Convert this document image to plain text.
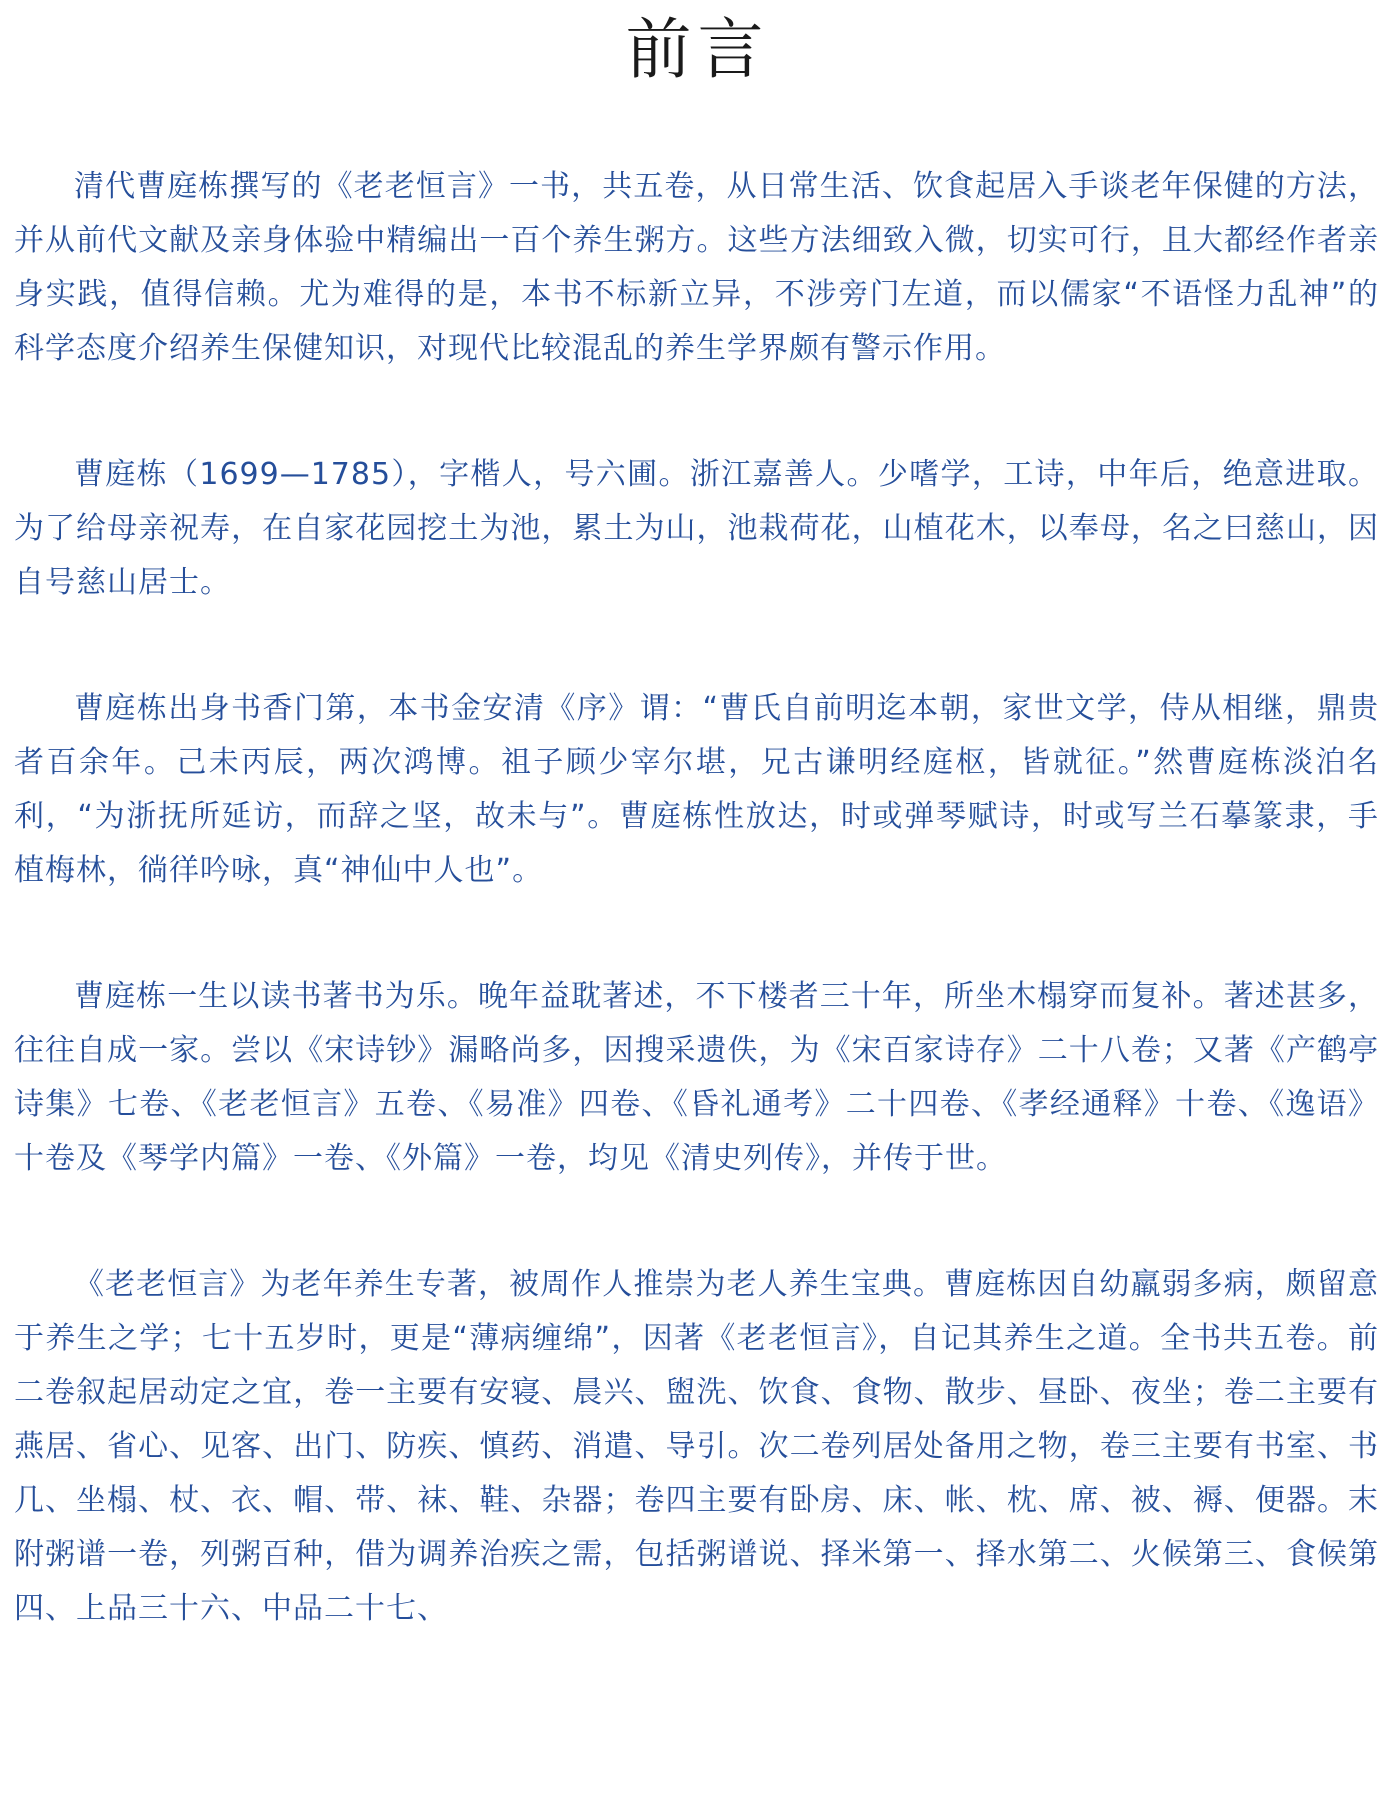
前言

清代曹庭栋撰写的《老老恒言》一书，共五卷，从日常生活、饮食起居入手谈老年保健的方法，并从前代文献及亲身体验中精编出一百个养生粥方。这些方法细致入微，切实可行，且大都经作者亲身实践，值得信赖。尤为难得的是，本书不标新立异，不涉旁门左道，而以儒家“不语怪力乱神”的科学态度介绍养生保健知识，对现代比较混乱的养生学界颇有警示作用。

曹庭栋（1699—1785），字楷人，号六圃。浙江嘉善人。少嗜学，工诗，中年后，绝意进取。为了给母亲祝寿，在自家花园挖土为池，累土为山，池栽荷花，山植花木，以奉母，名之曰慈山，因自号慈山居士。

曹庭栋出身书香门第，本书金安清《序》谓：“曹氏自前明迄本朝，家世文学，侍从相继，鼎贵者百余年。己未丙辰，两次鸿博。祖子顾少宰尔堪，兄古谦明经庭枢，皆就征。”然曹庭栋淡泊名利，“为浙抚所延访，而辞之坚，故未与”。曹庭栋性放达，时或弹琴赋诗，时或写兰石摹篆隶，手植梅林，徜徉吟咏，真“神仙中人也”。

曹庭栋一生以读书著书为乐。晚年益耽著述，不下楼者三十年，所坐木榻穿而复补。著述甚多，往往自成一家。尝以《宋诗钞》漏略尚多，因搜采遗佚，为《宋百家诗存》二十八卷；又著《产鹤亭诗集》七卷、《老老恒言》五卷、《易准》四卷、《昏礼通考》二十四卷、《孝经通释》十卷、《逸语》十卷及《琴学内篇》一卷、《外篇》一卷，均见《清史列传》，并传于世。

《老老恒言》为老年养生专著，被周作人推崇为老人养生宝典。曹庭栋因自幼羸弱多病，颇留意于养生之学；七十五岁时，更是“薄病缠绵”，因著《老老恒言》，自记其养生之道。全书共五卷。前二卷叙起居动定之宜，卷一主要有安寝、晨兴、盥洗、饮食、食物、散步、昼卧、夜坐；卷二主要有燕居、省心、见客、出门、防疾、慎药、消遣、导引。次二卷列居处备用之物，卷三主要有书室、书几、坐榻、杖、衣、帽、带、袜、鞋、杂器；卷四主要有卧房、床、帐、枕、席、被、褥、便器。末附粥谱一卷，列粥百种，借为调养治疾之需，包括粥谱说、择米第一、择水第二、火候第三、食候第四、上品三十六、中品二十七、
